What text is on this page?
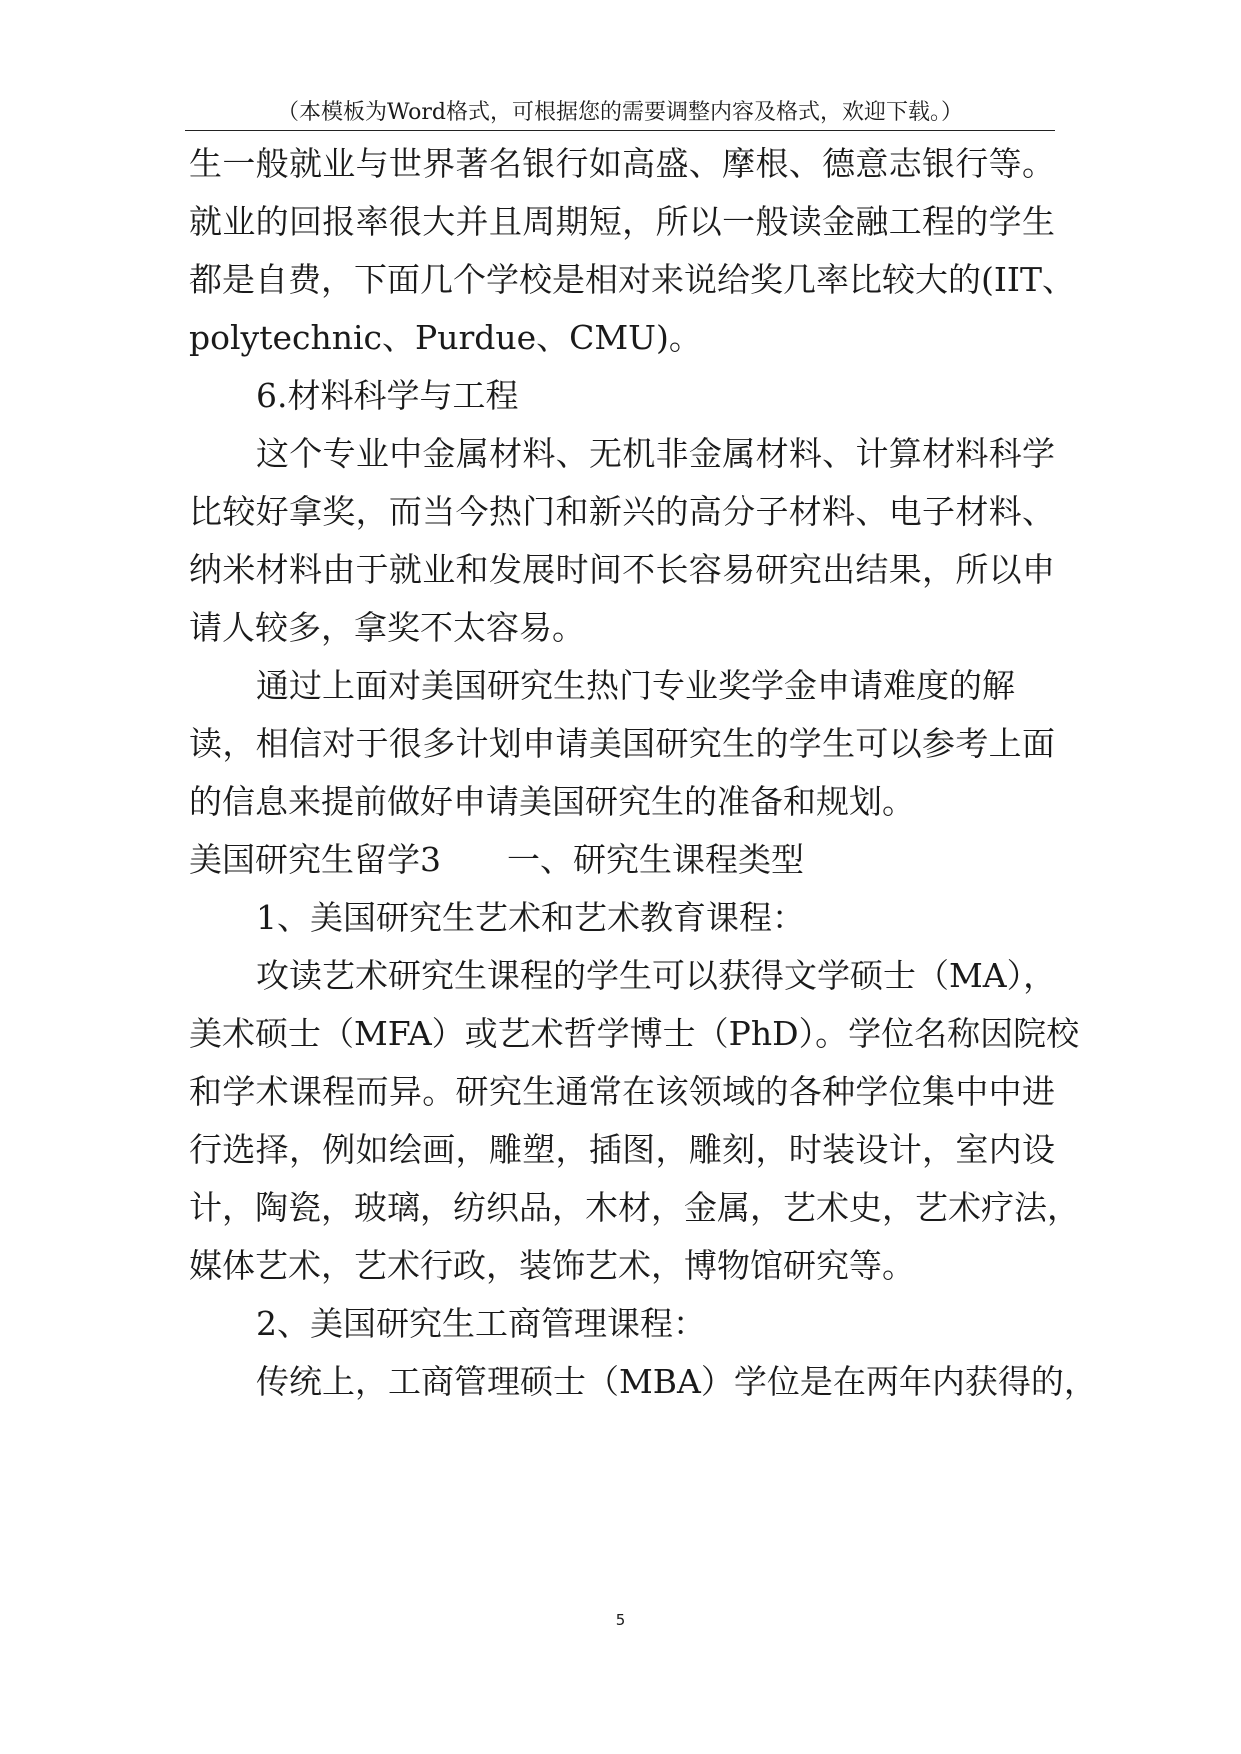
（本模板为Word格式，可根据您的需要调整内容及格式，欢迎下载。）
生一般就业与世界著名银行如高盛、摩根、德意志银行等。
就业的回报率很大并且周期短，所以一般读金融工程的学生
都是自费，下面几个学校是相对来说给奖几率比较大的(IIT、
polytechnic、Purdue、CMU)。
6.材料科学与工程
这个专业中金属材料、无机非金属材料、计算材料科学
比较好拿奖，而当今热门和新兴的高分子材料、电子材料、
纳米材料由于就业和发展时间不长容易研究出结果，所以申
请人较多，拿奖不太容易。
通过上面对美国研究生热门专业奖学金申请难度的解
读，相信对于很多计划申请美国研究生的学生可以参考上面
的信息来提前做好申请美国研究生的准备和规划。
美国研究生留学3　　一、研究生课程类型
1、美国研究生艺术和艺术教育课程：
攻读艺术研究生课程的学生可以获得文学硕士（MA），
美术硕士（MFA）或艺术哲学博士（PhD）。学位名称因院校
和学术课程而异。研究生通常在该领域的各种学位集中中进
行选择，例如绘画，雕塑，插图，雕刻，时装设计，室内设
计，陶瓷，玻璃，纺织品，木材，金属，艺术史，艺术疗法，
媒体艺术，艺术行政，装饰艺术，博物馆研究等。
2、美国研究生工商管理课程：
传统上，工商管理硕士（MBA）学位是在两年内获得的，
5
